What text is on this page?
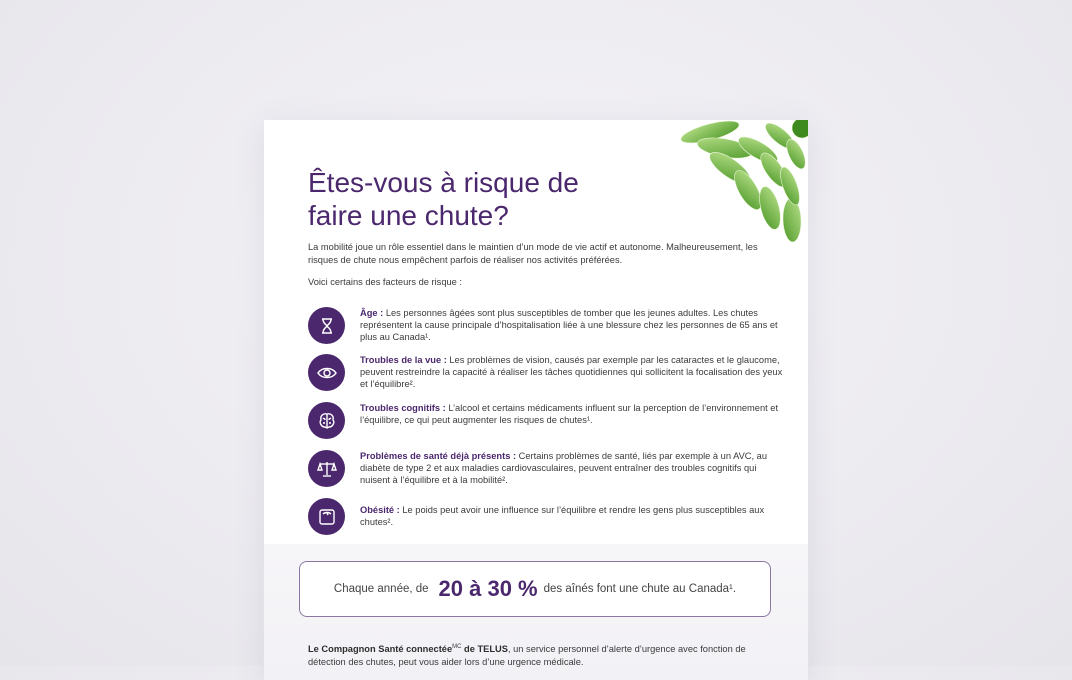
Êtes-vous à risque de
faire une chute?

La mobilité joue un rôle essentiel dans le maintien d’un mode de vie actif et autonome. Malheureusement, les risques de chute nous empêchent parfois de réaliser nos activités préférées.

Voici certains des facteurs de risque :

Âge : Les personnes âgées sont plus susceptibles de tomber que les jeunes adultes. Les chutes représentent la cause principale d’hospitalisation liée à une blessure chez les personnes de 65 ans et plus au Canada¹.

Troubles de la vue : Les problèmes de vision, causés par exemple par les cataractes et le glaucome, peuvent restreindre la capacité à réaliser les tâches quotidiennes qui sollicitent la focalisation des yeux et l’équilibre².

Troubles cognitifs : L’alcool et certains médicaments influent sur la perception de l’environnement et l’équilibre, ce qui peut augmenter les risques de chutes¹.

Problèmes de santé déjà présents : Certains problèmes de santé, liés par exemple à un AVC, au diabète de type 2 et aux maladies cardiovasculaires, peuvent entraîner des troubles cognitifs qui nuisent à l’équilibre et à la mobilité².

Obésité : Le poids peut avoir une influence sur l’équilibre et rendre les gens plus susceptibles aux chutes².

Chaque année, de 20 à 30 % des aînés font une chute au Canada¹.

Le Compagnon Santé connectée$^{MC}$ de TELUS, un service personnel d’alerte d’urgence avec fonction de détection des chutes, peut vous aider lors d’une urgence médicale.
